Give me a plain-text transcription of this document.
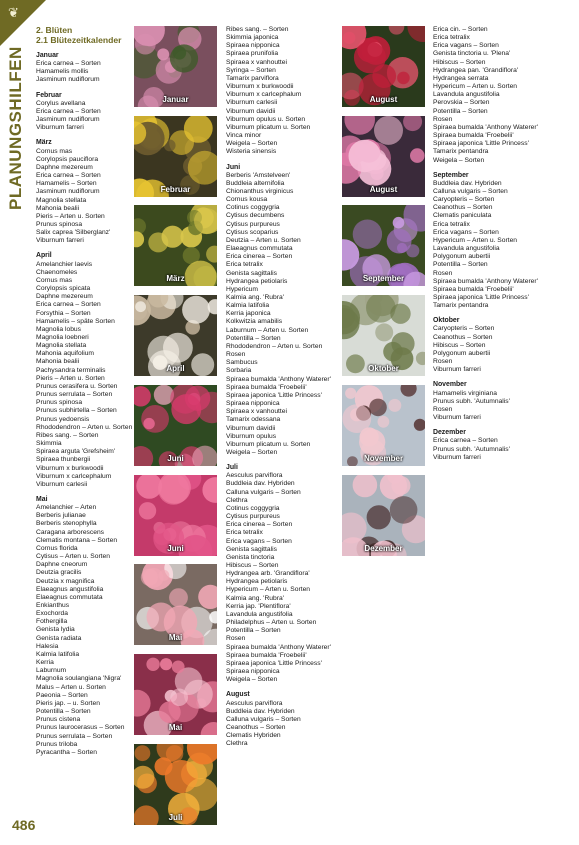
❦
PLANUNGSHILFEN
486
2. Blüten
2.1 Blütezeitkalender
Januar
Erica carnea – Sorten
Hamamelis mollis
Jasminum nudiflorum
Februar
Corylus avellana
Erica carnea – Sorten
Jasminum nudiflorum
Viburnum farreri
März
Cornus mas
Corylopsis pauciflora
Daphne mezereum
Erica carnea – Sorten
Hamamelis – Sorten
Jasminum nudiflorum
Magnolia stellata
Mahonia bealii
Pieris – Arten u. Sorten
Prunus spinosa
Salix caprea 'Silberglanz'
Viburnum farreri
April
Amelanchier laevis
Chaenomeles
Cornus mas
Corylopsis spicata
Daphne mezereum
Erica carnea – Sorten
Forsythia – Sorten
Hamamelis – späte Sorten
Magnolia lobus
Magnolia loebneri
Magnolia stellata
Mahonia aquifolium
Mahonia bealii
Pachysandra terminalis
Pieris – Arten u. Sorten
Prunus cerasifera u. Sorten
Prunus serrulata – Sorten
Prunus spinosa
Prunus subhirtella – Sorten
Prunus yedoensis
Rhododendron – Arten u. Sorten
Ribes sang. – Sorten
Skimmia
Spiraea arguta 'Grefsheim'
Spiraea thunbergii
Viburnum x burkwoodii
Viburnum x carlcephalum
Viburnum carlesii
Mai
Amelanchier – Arten
Berberis julianae
Berberis stenophylla
Caragana arborescens
Clematis montana – Sorten
Cornus florida
Cytisus – Arten u. Sorten
Daphne cneorum
Deutzia gracilis
Deutzia x magnifica
Elaeagnus angustifolia
Elaeagnus commutata
Enkianthus
Exochorda
Fothergilla
Genista lydia
Genista radiata
Halesia
Kalmia latifolia
Kerria
Laburnum
Magnolia soulangiana 'Nigra'
Malus – Arten u. Sorten
Paeonia – Sorten
Pieris jap. – u. Sorten
Potentilla – Sorten
Prunus cistena
Prunus laurocerasus – Sorten
Prunus serrulata – Sorten
Prunus triloba
Pyracantha – Sorten
Ribes sang. – Sorten
Skimmia japonica
Spiraea nipponica
Spiraea prunifolia
Spiraea x vanhouttei
Syringa – Sorten
Tamarix parviflora
Viburnum x burkwoodii
Viburnum x carlcephalum
Viburnum carlesii
Viburnum davidii
Viburnum opulus u. Sorten
Viburnum plicatum u. Sorten
Vinca minor
Weigela – Sorten
Wisteria sinensis
Juni
Berberis 'Amstelveen'
Buddleia alternifolia
Chionanthus virginicus
Cornus kousa
Cotinus coggygria
Cytisus decumbens
Cytisus purpureus
Cytisus scoparius
Deutzia – Arten u. Sorten
Elaeagnus commutata
Erica cinerea – Sorten
Erica tetralix
Genista sagittalis
Hydrangea petiolaris
Hypericum
Kalmia ang. 'Rubra'
Kalmia latifolia
Kerria japonica
Kolkwitzia amabilis
Laburnum – Arten u. Sorten
Potentilla – Sorten
Rhododendron – Arten u. Sorten
Rosen
Sambucus
Sorbaria
Spiraea bumalda 'Anthony Waterer'
Spiraea bumalda 'Froebelii'
Spiraea japonica 'Little Princess'
Spiraea nipponica
Spiraea x vanhouttei
Tamarix odessana
Viburnum davidii
Viburnum opulus
Viburnum plicatum u. Sorten
Weigela – Sorten
Juli
Aesculus parviflora
Buddleia dav. Hybriden
Calluna vulgaris – Sorten
Clethra
Cotinus coggygria
Cytisus purpureus
Erica cinerea – Sorten
Erica tetralix
Erica vagans – Sorten
Genista sagittalis
Genista tinctoria
Hibiscus – Sorten
Hydrangea arb. 'Grandiflora'
Hydrangea petiolaris
Hypericum – Arten u. Sorten
Kalmia ang. 'Rubra'
Kerria jap. 'Plentiflora'
Lavandula angustifolia
Philadelphus – Arten u. Sorten
Potentilla – Sorten
Rosen
Spiraea bumalda 'Anthony Waterer'
Spiraea bumalda 'Froebelii'
Spiraea japonica 'Little Princess'
Spiraea nipponica
Weigela – Sorten
August
Aesculus parviflora
Buddleia dav. Hybriden
Calluna vulgaris – Sorten
Ceanothus – Sorten
Clematis Hybriden
Clethra
Erica cin. – Sorten
Erica tetralix
Erica vagans – Sorten
Genista tinctoria u. 'Plena'
Hibiscus – Sorten
Hydrangea pan. 'Grandiflora'
Hydrangea serrata
Hypericum – Arten u. Sorten
Lavandula angustifolia
Perovskia – Sorten
Potentilla – Sorten
Rosen
Spiraea bumalda 'Anthony Waterer'
Spiraea bumalda 'Froebelii'
Spiraea japonica 'Little Princess'
Tamarix pentandra
Weigela – Sorten
September
Buddleia dav. Hybriden
Calluna vulgaris – Sorten
Caryopteris – Sorten
Ceanothus – Sorten
Clematis paniculata
Erica tetralix
Erica vagans – Sorten
Hypericum – Arten u. Sorten
Lavandula angustifolia
Polygonum aubertii
Potentilla – Sorten
Rosen
Spiraea bumalda 'Anthony Waterer'
Spiraea bumalda 'Froebelii'
Spiraea japonica 'Little Princess'
Tamarix pentandra
Oktober
Caryopteris – Sorten
Ceanothus – Sorten
Hibiscus – Sorten
Polygonum aubertii
Rosen
Viburnum farreri
November
Hamamelis virginiana
Prunus subh. 'Autumnalis'
Rosen
Viburnum farreri
Dezember
Erica carnea – Sorten
Prunus subh. 'Autumnalis'
Viburnum farreri
Januar
Februar
März
April
Juni
Juni
Mai
Mai
Juli
August
August
September
Oktober
November
Dezember
